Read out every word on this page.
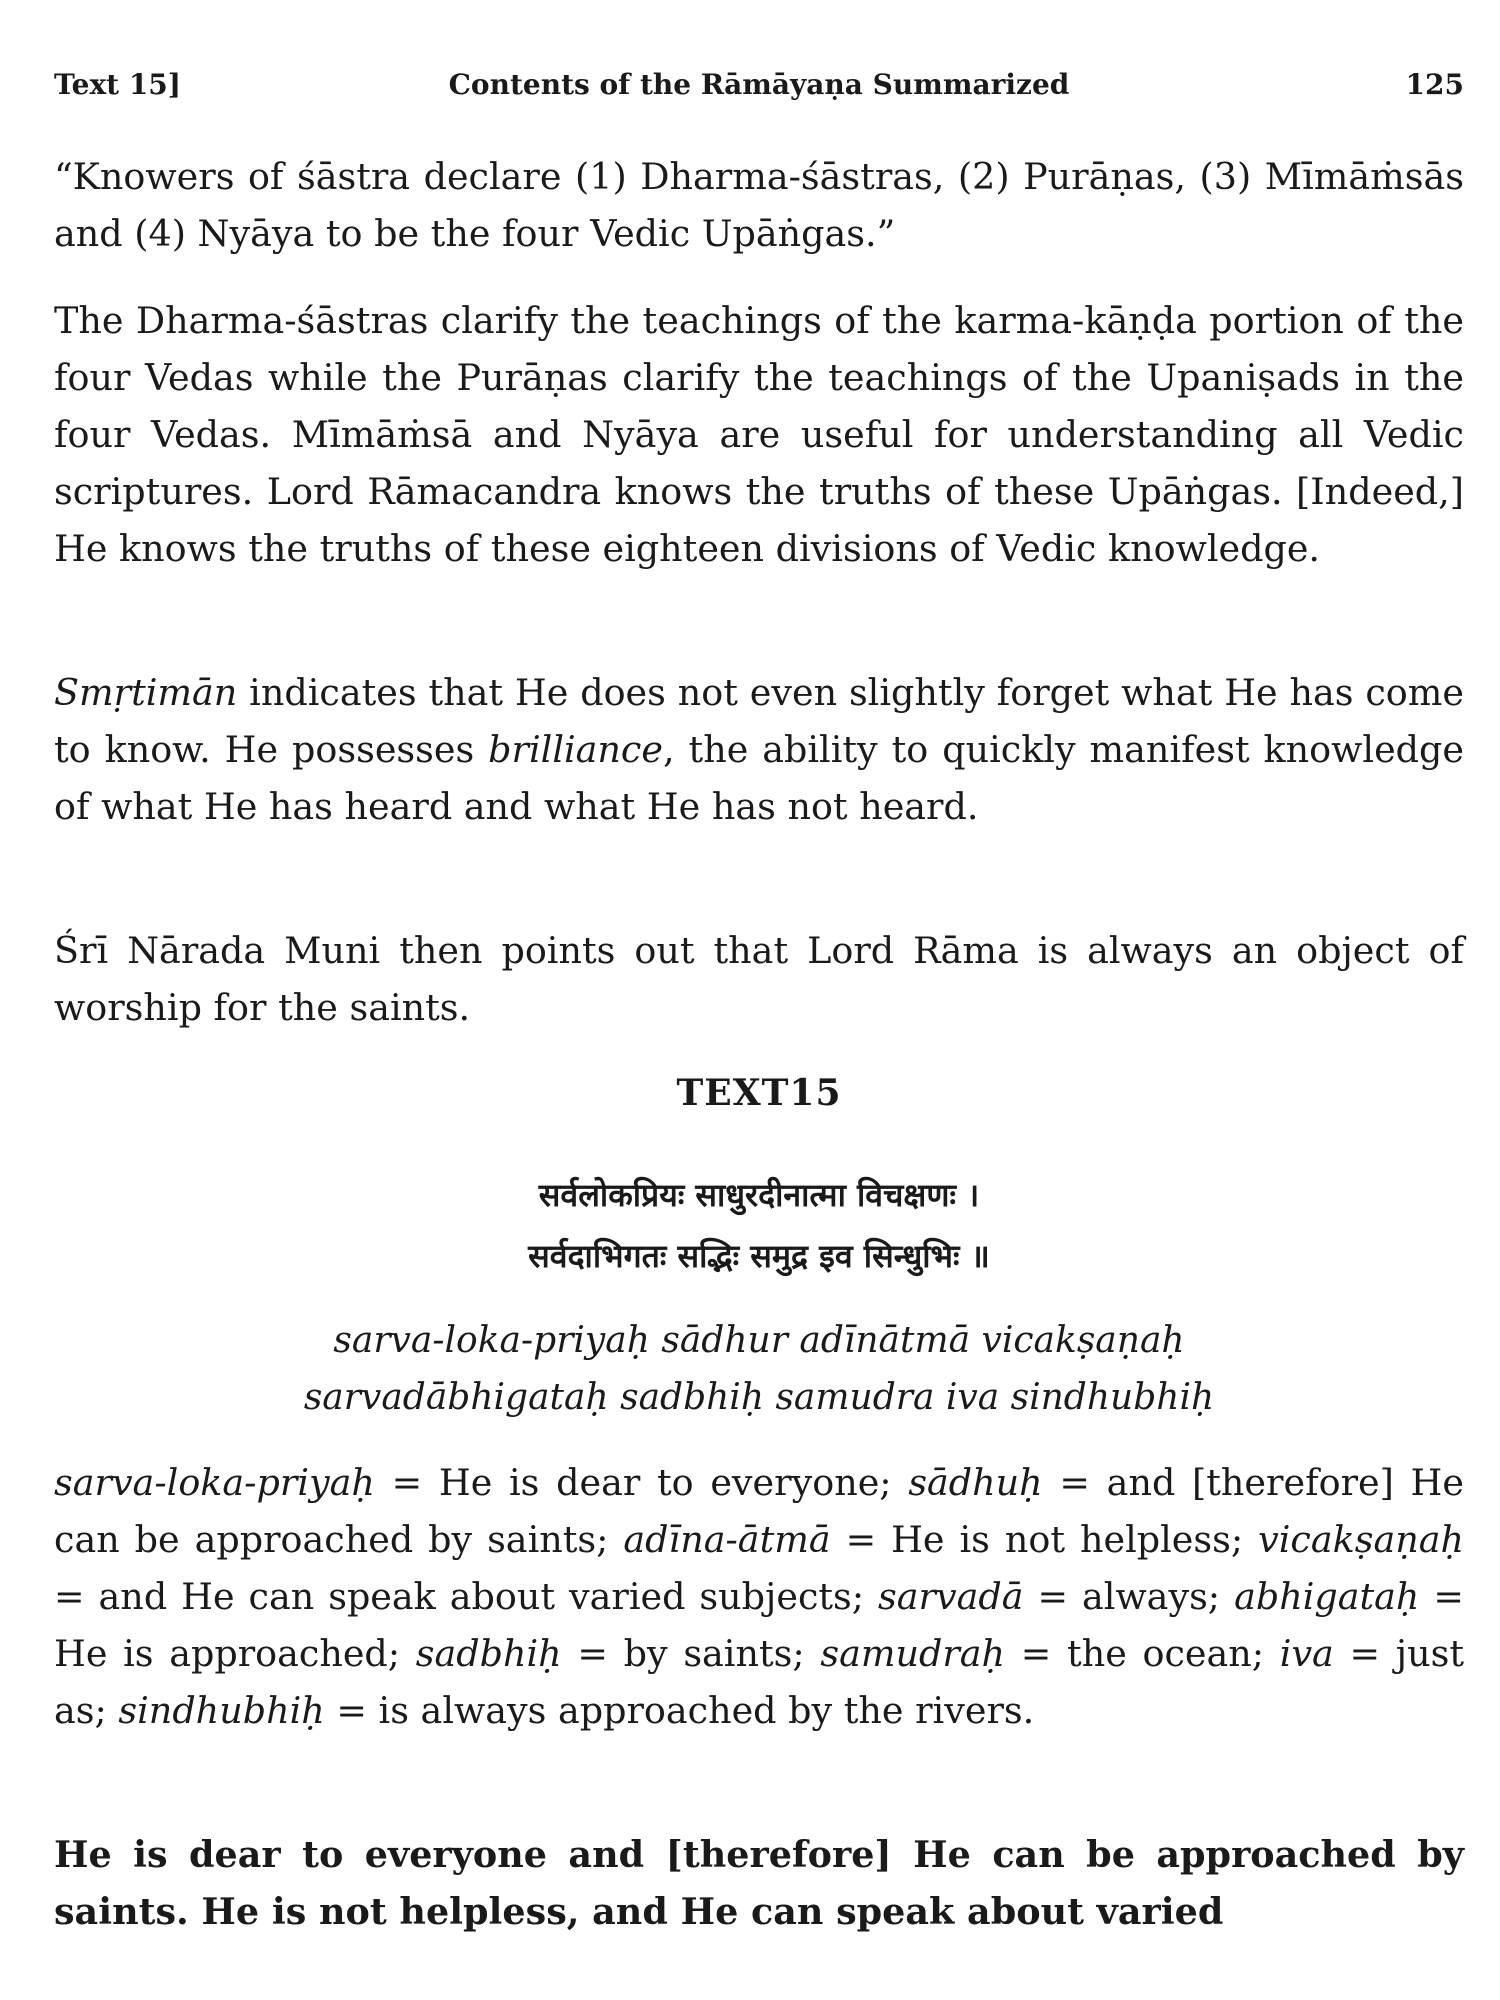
Text 15]	Contents of the Rāmāyaṇa Summarized	125

“Knowers of śāstra declare (1) Dharma-śāstras, (2) Purāṇas, (3) Mīmāṁsās and (4) Nyāya to be the four Vedic Upāṅgas.”

The Dharma-śāstras clarify the teachings of the karma-kāṇḍa portion of the four Vedas while the Purāṇas clarify the teachings of the Upaniṣads in the four Vedas. Mīmāṁsā and Nyāya are useful for understanding all Vedic scriptures. Lord Rāmacandra knows the truths of these Upāṅgas. [Indeed,] He knows the truths of these eighteen divisions of Vedic knowledge.

Smṛtimān indicates that He does not even slightly forget what He has come to know. He possesses brilliance, the ability to quickly manifest knowledge of what He has heard and what He has not heard.

Śrī Nārada Muni then points out that Lord Rāma is always an object of worship for the saints.

TEXT15
सर्वलोकप्रियः साधुरदीनात्मा विचक्षणः ।
सर्वदाभिगतः सद्भिः समुद्र इव सिन्धुभिः ॥
sarva-loka-priyaḥ sādhur adīnātmā vicakṣaṇaḥ
sarvadābhigataḥ sadbhiḥ samudra iva sindhubhiḥ

sarva-loka-priyaḥ = He is dear to everyone; sādhuḥ = and [therefore] He can be approached by saints; adīna-ātmā = He is not helpless; vicakṣaṇaḥ = and He can speak about varied subjects; sarvadā = always; abhigataḥ = He is approached; sadbhiḥ = by saints; samudraḥ = the ocean; iva = just as; sindhubhiḥ = is always approached by the rivers.

He is dear to everyone and [therefore] He can be approached by saints. He is not helpless, and He can speak about varied
